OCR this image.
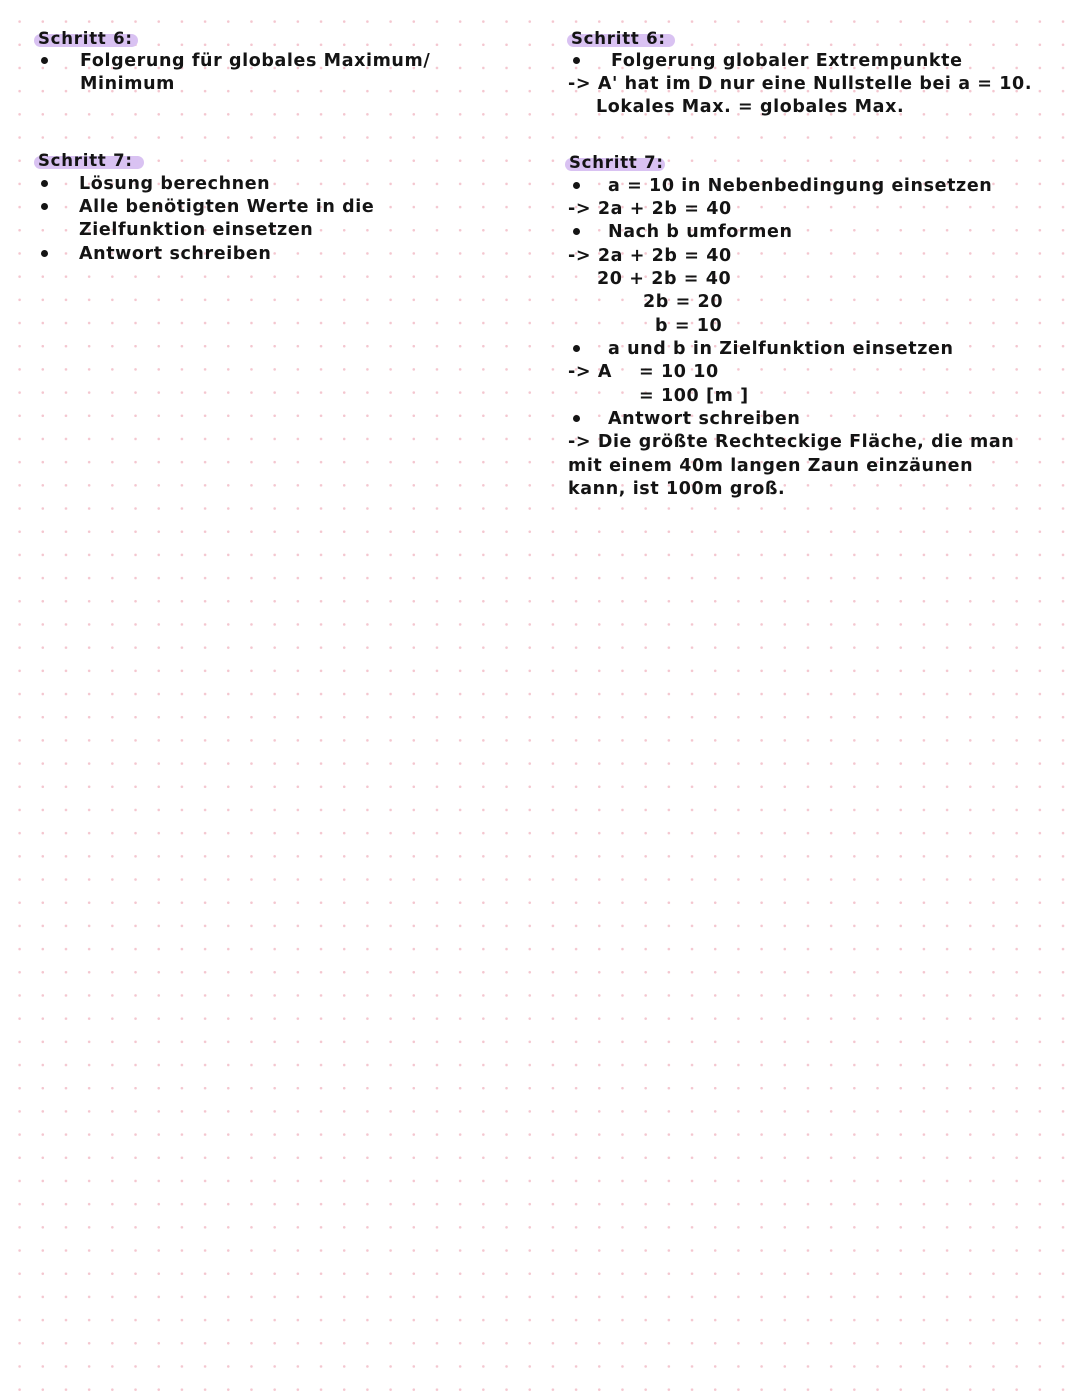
Schritt 6:
Folgerung für globales Maximum/
Minimum
Schritt 7:
Lösung berechnen
Alle benötigten Werte in die
Zielfunktion einsetzen
Antwort schreiben
Schritt 6:
Folgerung globaler Extrempunkte
-> A' hat im D nur eine Nullstelle bei a = 10.
Lokales Max. = globales Max.
Schritt 7:
a = 10 in Nebenbedingung einsetzen
-> 2a + 2b = 40
Nach b umformen
-> 2a + 2b = 40
20 + 2b = 40
2b = 20
b = 10
a und b in Zielfunktion einsetzen
-> A = 10 10
= 100 [m ]
Antwort schreiben
-> Die größte Rechteckige Fläche, die man
mit einem 40m langen Zaun einzäunen
kann, ist 100m groß.
